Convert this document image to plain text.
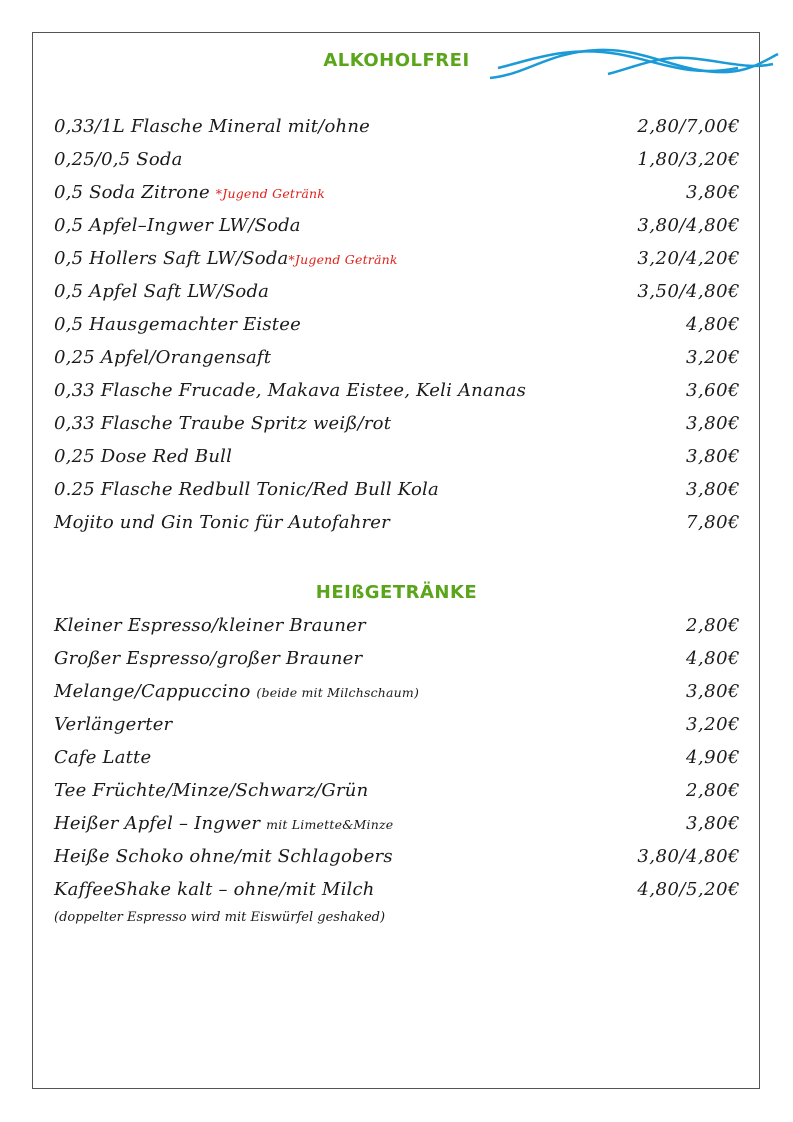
ALKOHOLFREI
0,33/1L Flasche Mineral mit/ohne	2,80/7,00€
0,25/0,5 Soda	1,80/3,20€
0,5 Soda Zitrone *Jugend Getränk	3,80€
0,5 Apfel–Ingwer LW/Soda	3,80/4,80€
0,5 Hollers Saft LW/Soda*Jugend Getränk	3,20/4,20€
0,5 Apfel Saft LW/Soda	3,50/4,80€
0,5 Hausgemachter Eistee	4,80€
0,25 Apfel/Orangensaft	3,20€
0,33 Flasche Frucade, Makava Eistee, Keli Ananas	3,60€
0,33 Flasche Traube Spritz weiß/rot	3,80€
0,25 Dose Red Bull	3,80€
0.25 Flasche Redbull Tonic/Red Bull Kola	3,80€
Mojito und Gin Tonic für Autofahrer	7,80€
HEIßGETRÄNKE
Kleiner Espresso/kleiner Brauner	2,80€
Großer Espresso/großer Brauner	4,80€
Melange/Cappuccino (beide mit Milchschaum)	3,80€
Verlängerter	3,20€
Cafe Latte	4,90€
Tee Früchte/Minze/Schwarz/Grün	2,80€
Heißer Apfel – Ingwer mit Limette&Minze	3,80€
Heiße Schoko ohne/mit Schlagobers	3,80/4,80€
KaffeeShake kalt – ohne/mit Milch	4,80/5,20€
(doppelter Espresso wird mit Eiswürfel geshaked)
